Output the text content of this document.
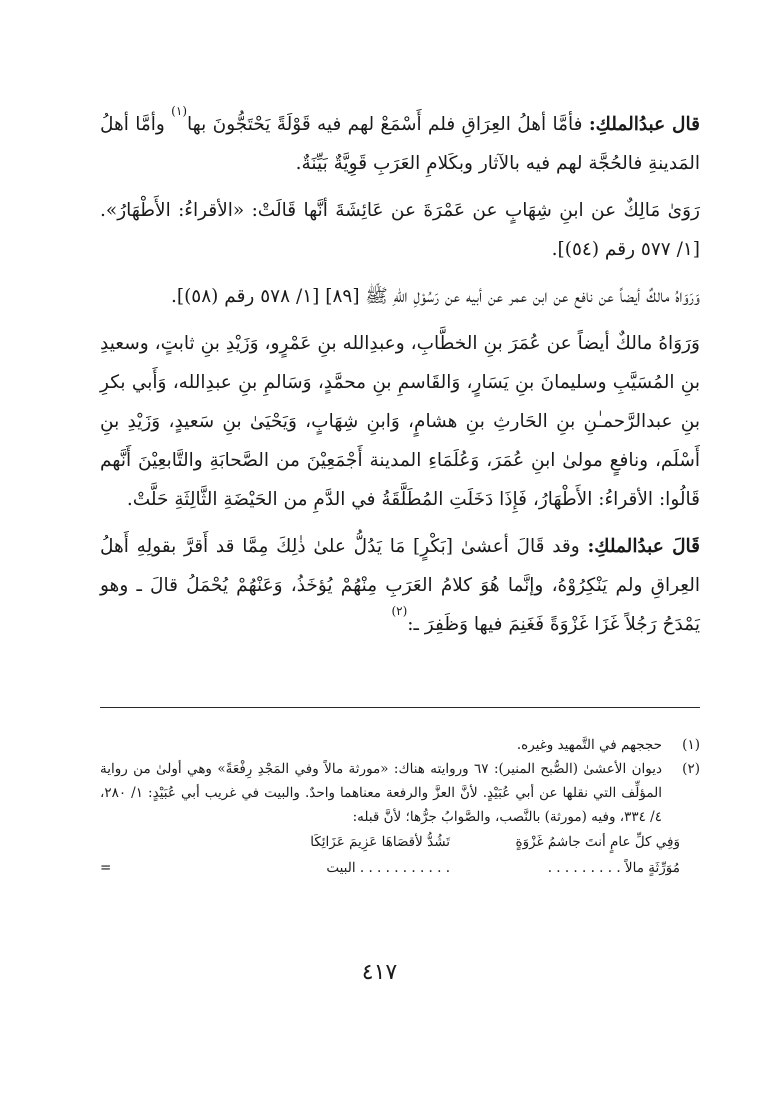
قال عبدُالملكِ: فأمَّا أهلُ العِرَاقِ فلم أَسْمَعْ لهم فيه قَوْلَةً يَحْتَجُّونَ بها$^{(١)}$ وأمَّا أهلُ المَدينةِ فالحُجَّة لهم فيه بالآثار وبكَلامِ العَرَبِ قَوِيَّةٌ بَيِّنَةٌ.

رَوَىٰ مَالِكٌ عن ابنِ شِهَابٍ عن عَمْرَةَ عن عَائِشَةَ أنَّها قَالَتْ: «الأقراءُ: الأَطْهَارُ». [١/ ٥٧٧ رقم (٥٤)].

وَرَوَاهُ مالكٌ أيضاً عن نافع عن ابن عمر عن أبيه عن رَسُوْلِ اللهِ ﷺ [٨٩] [١/ ٥٧٨ رقم (٥٨)].

وَرَوَاهُ مالكٌ أيضاً عن عُمَرَ بنِ الخطَّابِ، وعبدِالله بنِ عَمْرٍو، وَزَيْدِ بنِ ثابتٍ، وسعيدِ بنِ المُسَيَّبِ وسليمانَ بنِ يَسَارٍ، وَالقَاسمِ بنِ محمَّدٍ، وَسَالمِ بنِ عبدِالله، وَأَبي بكرِ بنِ عبدالرَّحمـٰنِ بنِ الحَارثِ بنِ هشامٍ، وَابنِ شِهَابٍ، وَيَحْيَىٰ بنِ سَعيدٍ، وَزَيْدِ بنِ أَسْلَم، ونافعٍ مولىٰ ابنِ عُمَرَ، وَعُلَمَاءِ المدينة أَجْمَعِيْنَ من الصَّحابَةِ والتَّابعِيْنَ أَنَّهم قَالُوا: الأقراءُ: الأَطْهَارُ، فَإِذَا دَخَلَتِ المُطَلَّقَةُ في الدَّمِ من الحَيْضَةِ الثَّالِثَةِ حَلَّتْ.

قَالَ عبدُالملكِ: وقد قَالَ أعشىٰ [بَكْرٍ] مَا يَدُلُّ علىٰ ذٰلِكَ مِمَّا قد أَقرَّ بقولِهِ أَهلُ العِراقِ ولم يَنْكِرُوْهُ، وإنَّما هُوَ كلامُ العَرَبِ مِنْهُمْ يُؤخَذُ، وَعَنْهُمْ يُحْمَلُ قالَ ـ وهو يَمْدَحُ رَجُلاً غَزَا غَزْوَةً فَغَنِمَ فيها وَظَفِرَ ـ:$^{(٢)}$

(١)
حججهم في التَّمهيد وغيره.
(٢)
ديوان الأعشىٰ (الصُّبح المنير): ٦٧ وروايته هناك: «مورثة مالاً وفي المَجْدِ رِفْعَةً» وهي أولىٰ من رواية المؤلِّف التي نقلها عن أبي عُبَيْدٍ. لأنَّ العزَّ والرفعة معناهما واحدٌ. والبيت في غريب أبي عُبَيْدٍ: ١/ ٢٨٠، ٤/ ٣٣٤، وفيه (مورثة) بالنَّصب، والصَّوابُ جرُّها؛ لأنَّ قبله:
وَفِي كلِّ عامٍ أنتَ جاشمُ غَزْوَةٍ
تَشُدُّ لأقصَاهَا عَزِيمَ عَزَائِكَا
مُوَرِّثَةٍ مالاً . . . . . . . . .
. . . . . . . . . . . البيت
=
٤١٧
